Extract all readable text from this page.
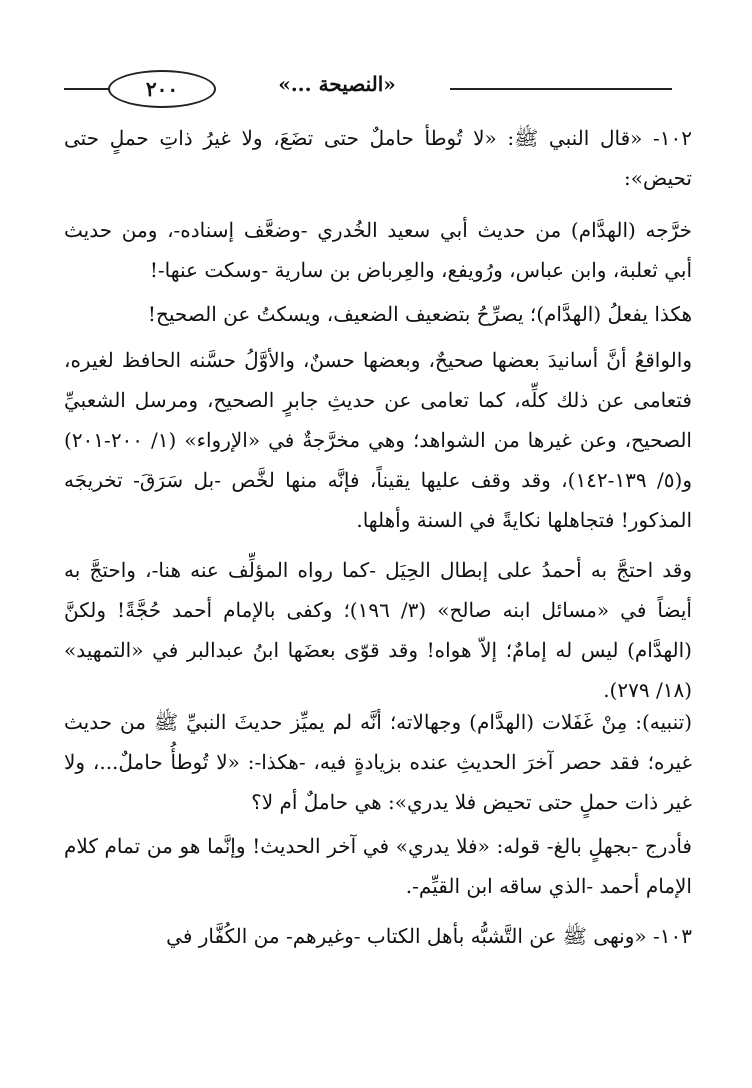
٢٠٠	«النصيحة ...»

١٠٢- «قال النبي ﷺ: «لا تُوطأ حاملٌ حتى تضَعَ، ولا غيرُ ذاتِ حملٍ حتى تحيض»:

خرَّجه (الهدَّام) من حديث أبي سعيد الخُدري -وضعَّف إسناده-، ومن حديث أبي ثعلبة، وابن عباس، ورُويفع، والعِرباض بن سارية -وسكت عنها-!

هكذا يفعلُ (الهدَّام)؛ يصرِّحُ بتضعيف الضعيف، ويسكتُ عن الصحيح!

والواقعُ أنَّ أسانيدَ بعضها صحيحٌ، وبعضها حسنٌ، والأوَّلُ حسَّنه الحافظ لغيره، فتعامى عن ذلك كلِّه، كما تعامى عن حديثِ جابرٍ الصحيح، ومرسل الشعبيِّ الصحيح، وعن غيرها من الشواهد؛ وهي مخرَّجةٌ في «الإرواء» (١/ ٢٠٠-٢٠١) و(٥/ ١٣٩-١٤٢)، وقد وقف عليها يقيناً، فإنَّه منها لخَّص -بل سَرَقَ- تخريجَه المذكور! فتجاهلها نكايةً في السنة وأهلها.

وقد احتجَّ به أحمدُ على إبطال الحِيَل -كما رواه المؤلِّف عنه هنا-، واحتجَّ به أيضاً في «مسائل ابنه صالح» (٣/ ١٩٦)؛ وكفى بالإمام أحمد حُجَّةً! ولكنَّ (الهدَّام) ليس له إمامٌ؛ إلاّ هواه! وقد قوّى بعضَها ابنُ عبدالبر في «التمهيد» (١٨/ ٢٧٩).

(تنبيه): مِنْ غَفَلات (الهدَّام) وجهالاته؛ أنَّه لم يميِّز حديثَ النبيِّ ﷺ من حديث غيره؛ فقد حصر آخرَ الحديثِ عنده بزيادةٍ فيه، -هكذا-: «لا تُوطأُ حاملٌ...، ولا غير ذات حملٍ حتى تحيض فلا يدري»: هي حاملٌ أم لا؟

فأدرج -بجهلٍ بالغ- قوله: «فلا يدري» في آخر الحديث! وإنَّما هو من تمام كلام الإمام أحمد -الذي ساقه ابن القيِّم-.

١٠٣- «ونهى ﷺ عن التَّشبُّه بأهل الكتاب -وغيرهم- من الكُفَّار في
